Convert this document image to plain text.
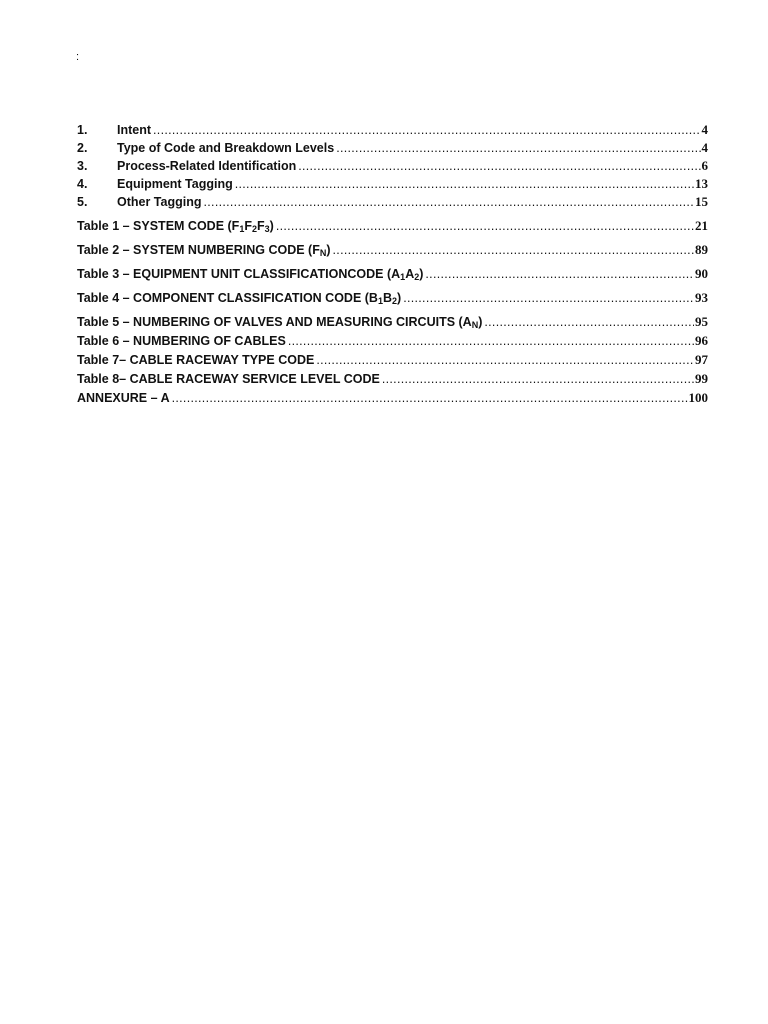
:
1.	Intent .....	4
2.	Type of Code and Breakdown Levels .....	4
3.	Process-Related Identification .....	6
4.	Equipment Tagging .....	13
5.	Other Tagging .....	15
Table 1 – SYSTEM CODE $(F_1F_2F_3)$ .....	21
Table 2 – SYSTEM NUMBERING CODE $(F_N)$ .....	89
Table 3 – EQUIPMENT UNIT CLASSIFICATIONCODE $(A_1A_2)$ .....	90
Table 4 – COMPONENT CLASSIFICATION CODE $(B_1B_2)$ .....	93
Table 5 – NUMBERING OF VALVES AND MEASURING CIRCUITS $(A_N)$ .....	95
Table 6 – NUMBERING OF CABLES .....	96
Table 7– CABLE RACEWAY TYPE CODE .....	97
Table 8– CABLE RACEWAY SERVICE LEVEL CODE .....	99
ANNEXURE – A .....	100
